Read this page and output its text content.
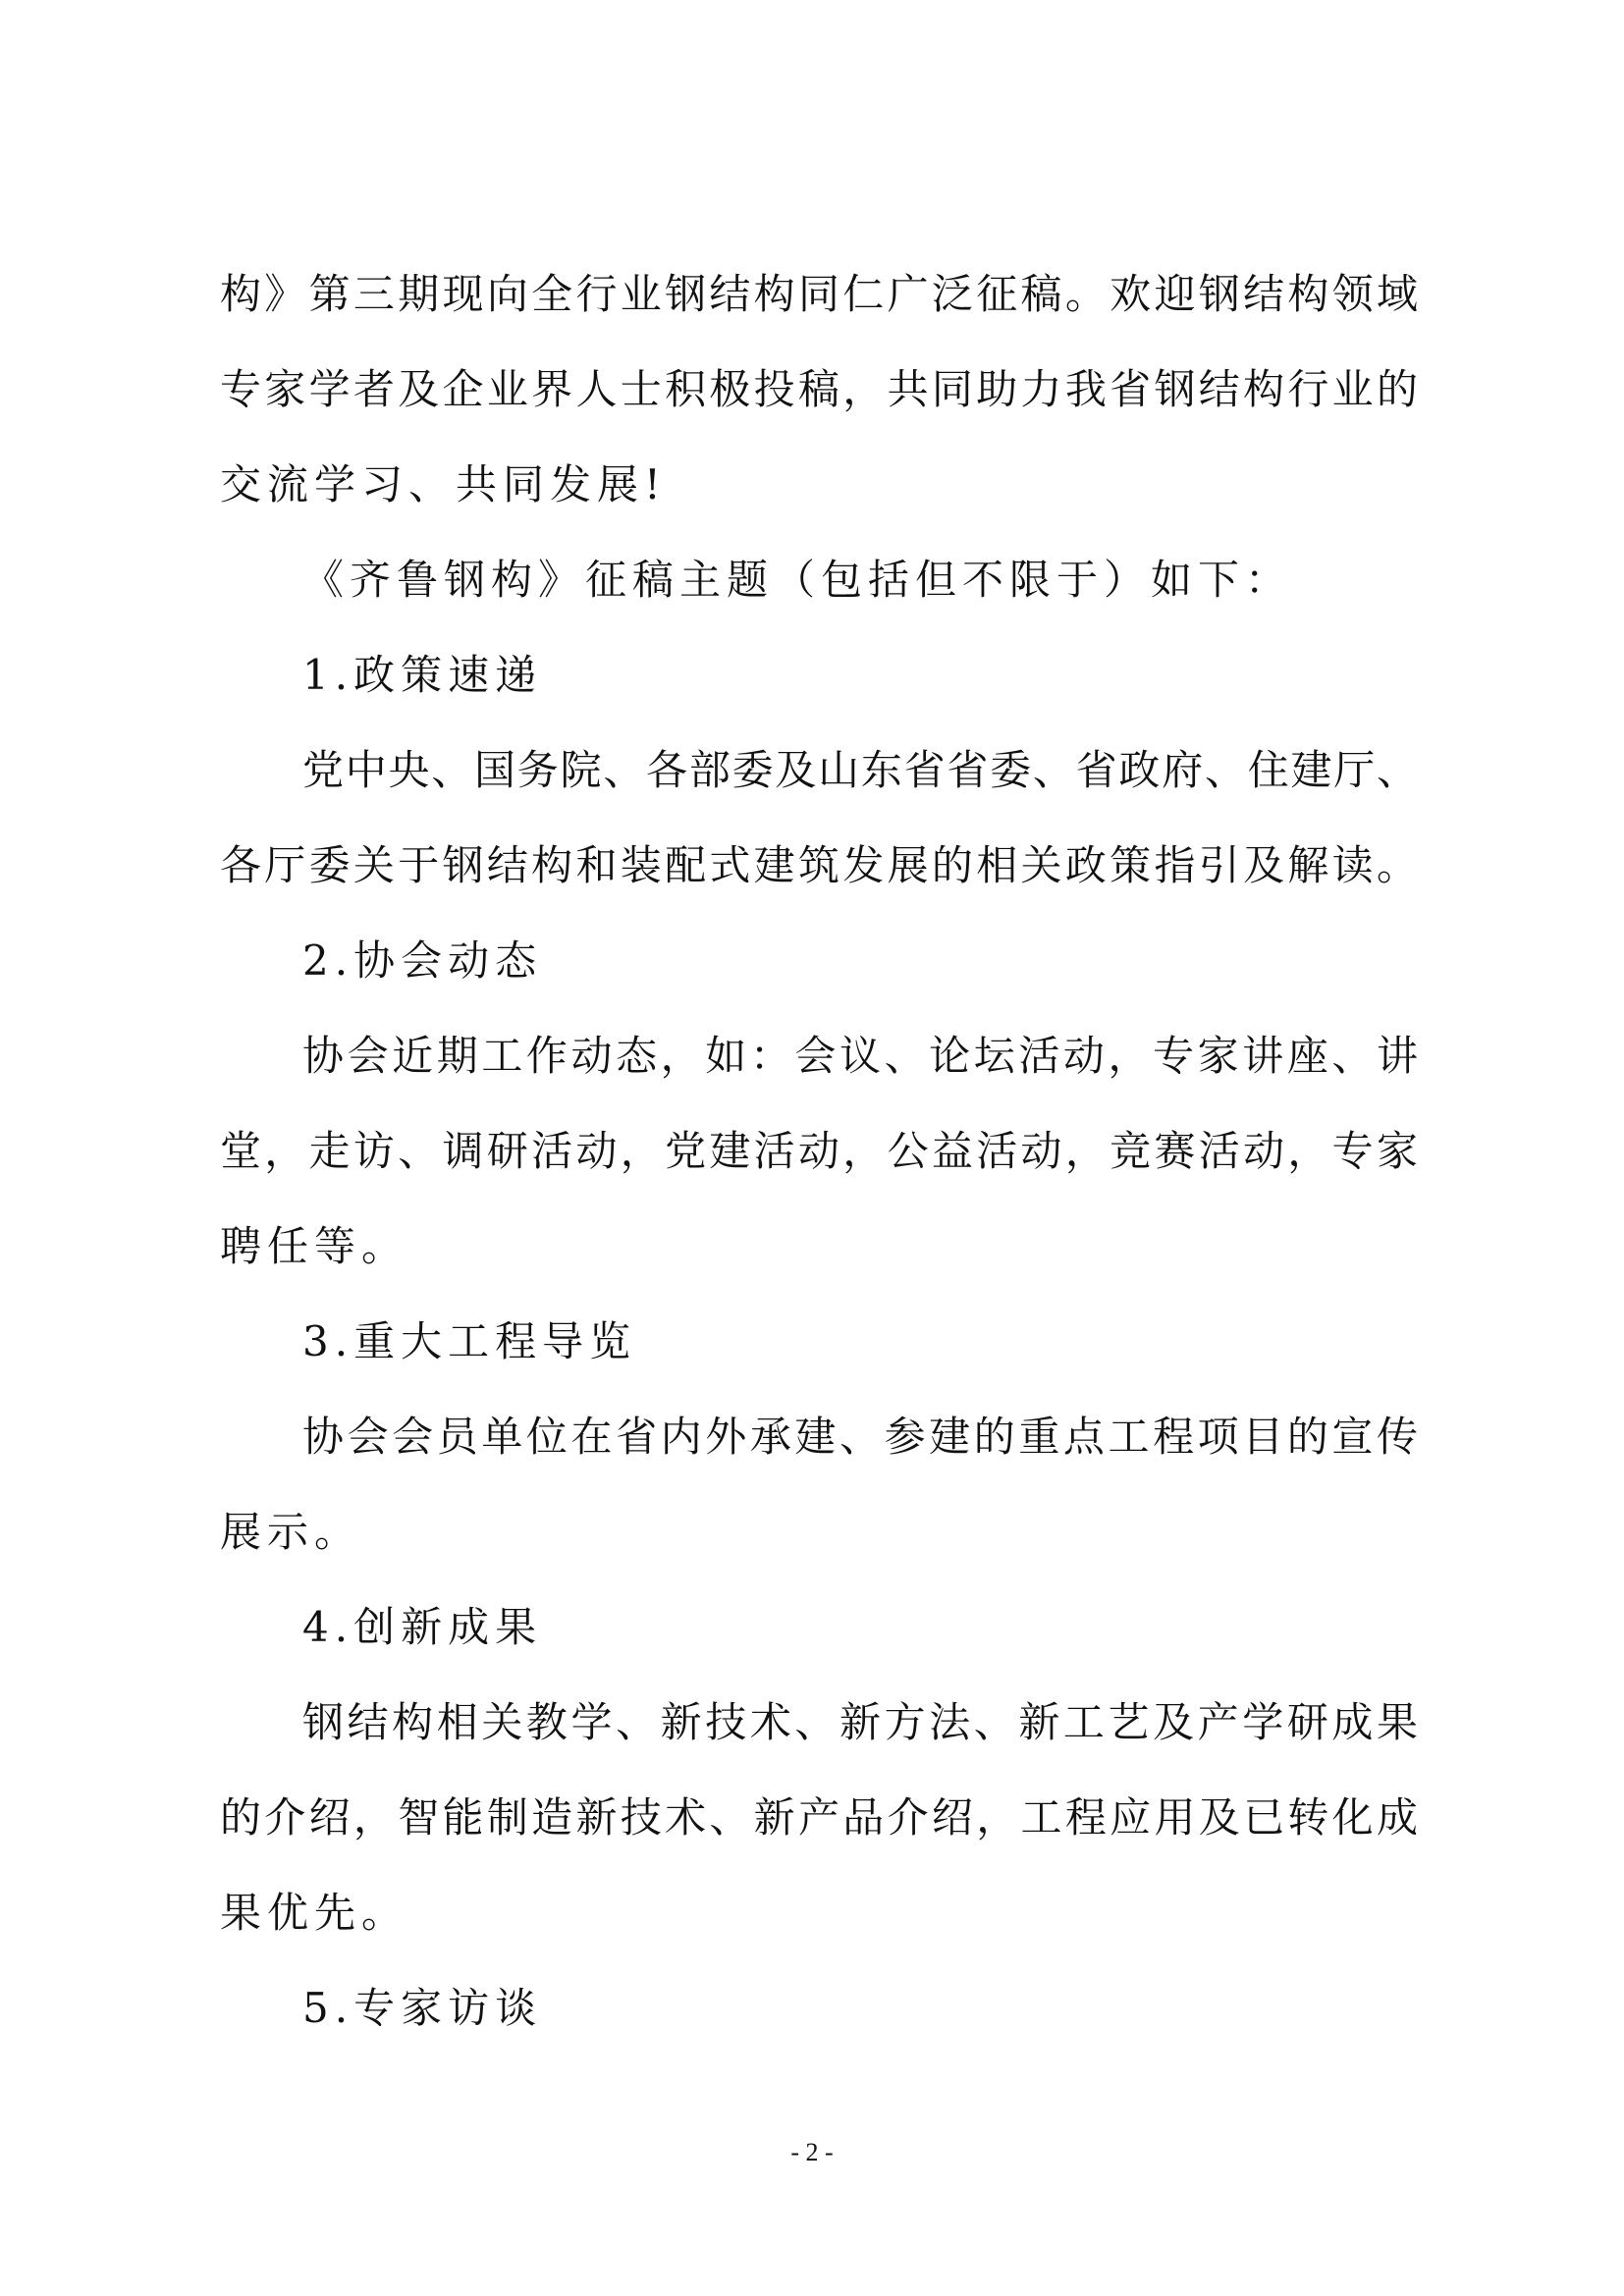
构》第三期现向全行业钢结构同仁广泛征稿。欢迎钢结构领域
专家学者及企业界人士积极投稿，共同助力我省钢结构行业的
交流学习、共同发展!
《齐鲁钢构》征稿主题（包括但不限于）如下：
1.政策速递
党中央、国务院、各部委及山东省省委、省政府、住建厅、
各厅委关于钢结构和装配式建筑发展的相关政策指引及解读。
2.协会动态
协会近期工作动态，如：会议、论坛活动，专家讲座、讲
堂，走访、调研活动，党建活动，公益活动，竞赛活动，专家
聘任等。
3.重大工程导览
协会会员单位在省内外承建、参建的重点工程项目的宣传
展示。
4.创新成果
钢结构相关教学、新技术、新方法、新工艺及产学研成果
的介绍，智能制造新技术、新产品介绍，工程应用及已转化成
果优先。
5.专家访谈
- 2 -
